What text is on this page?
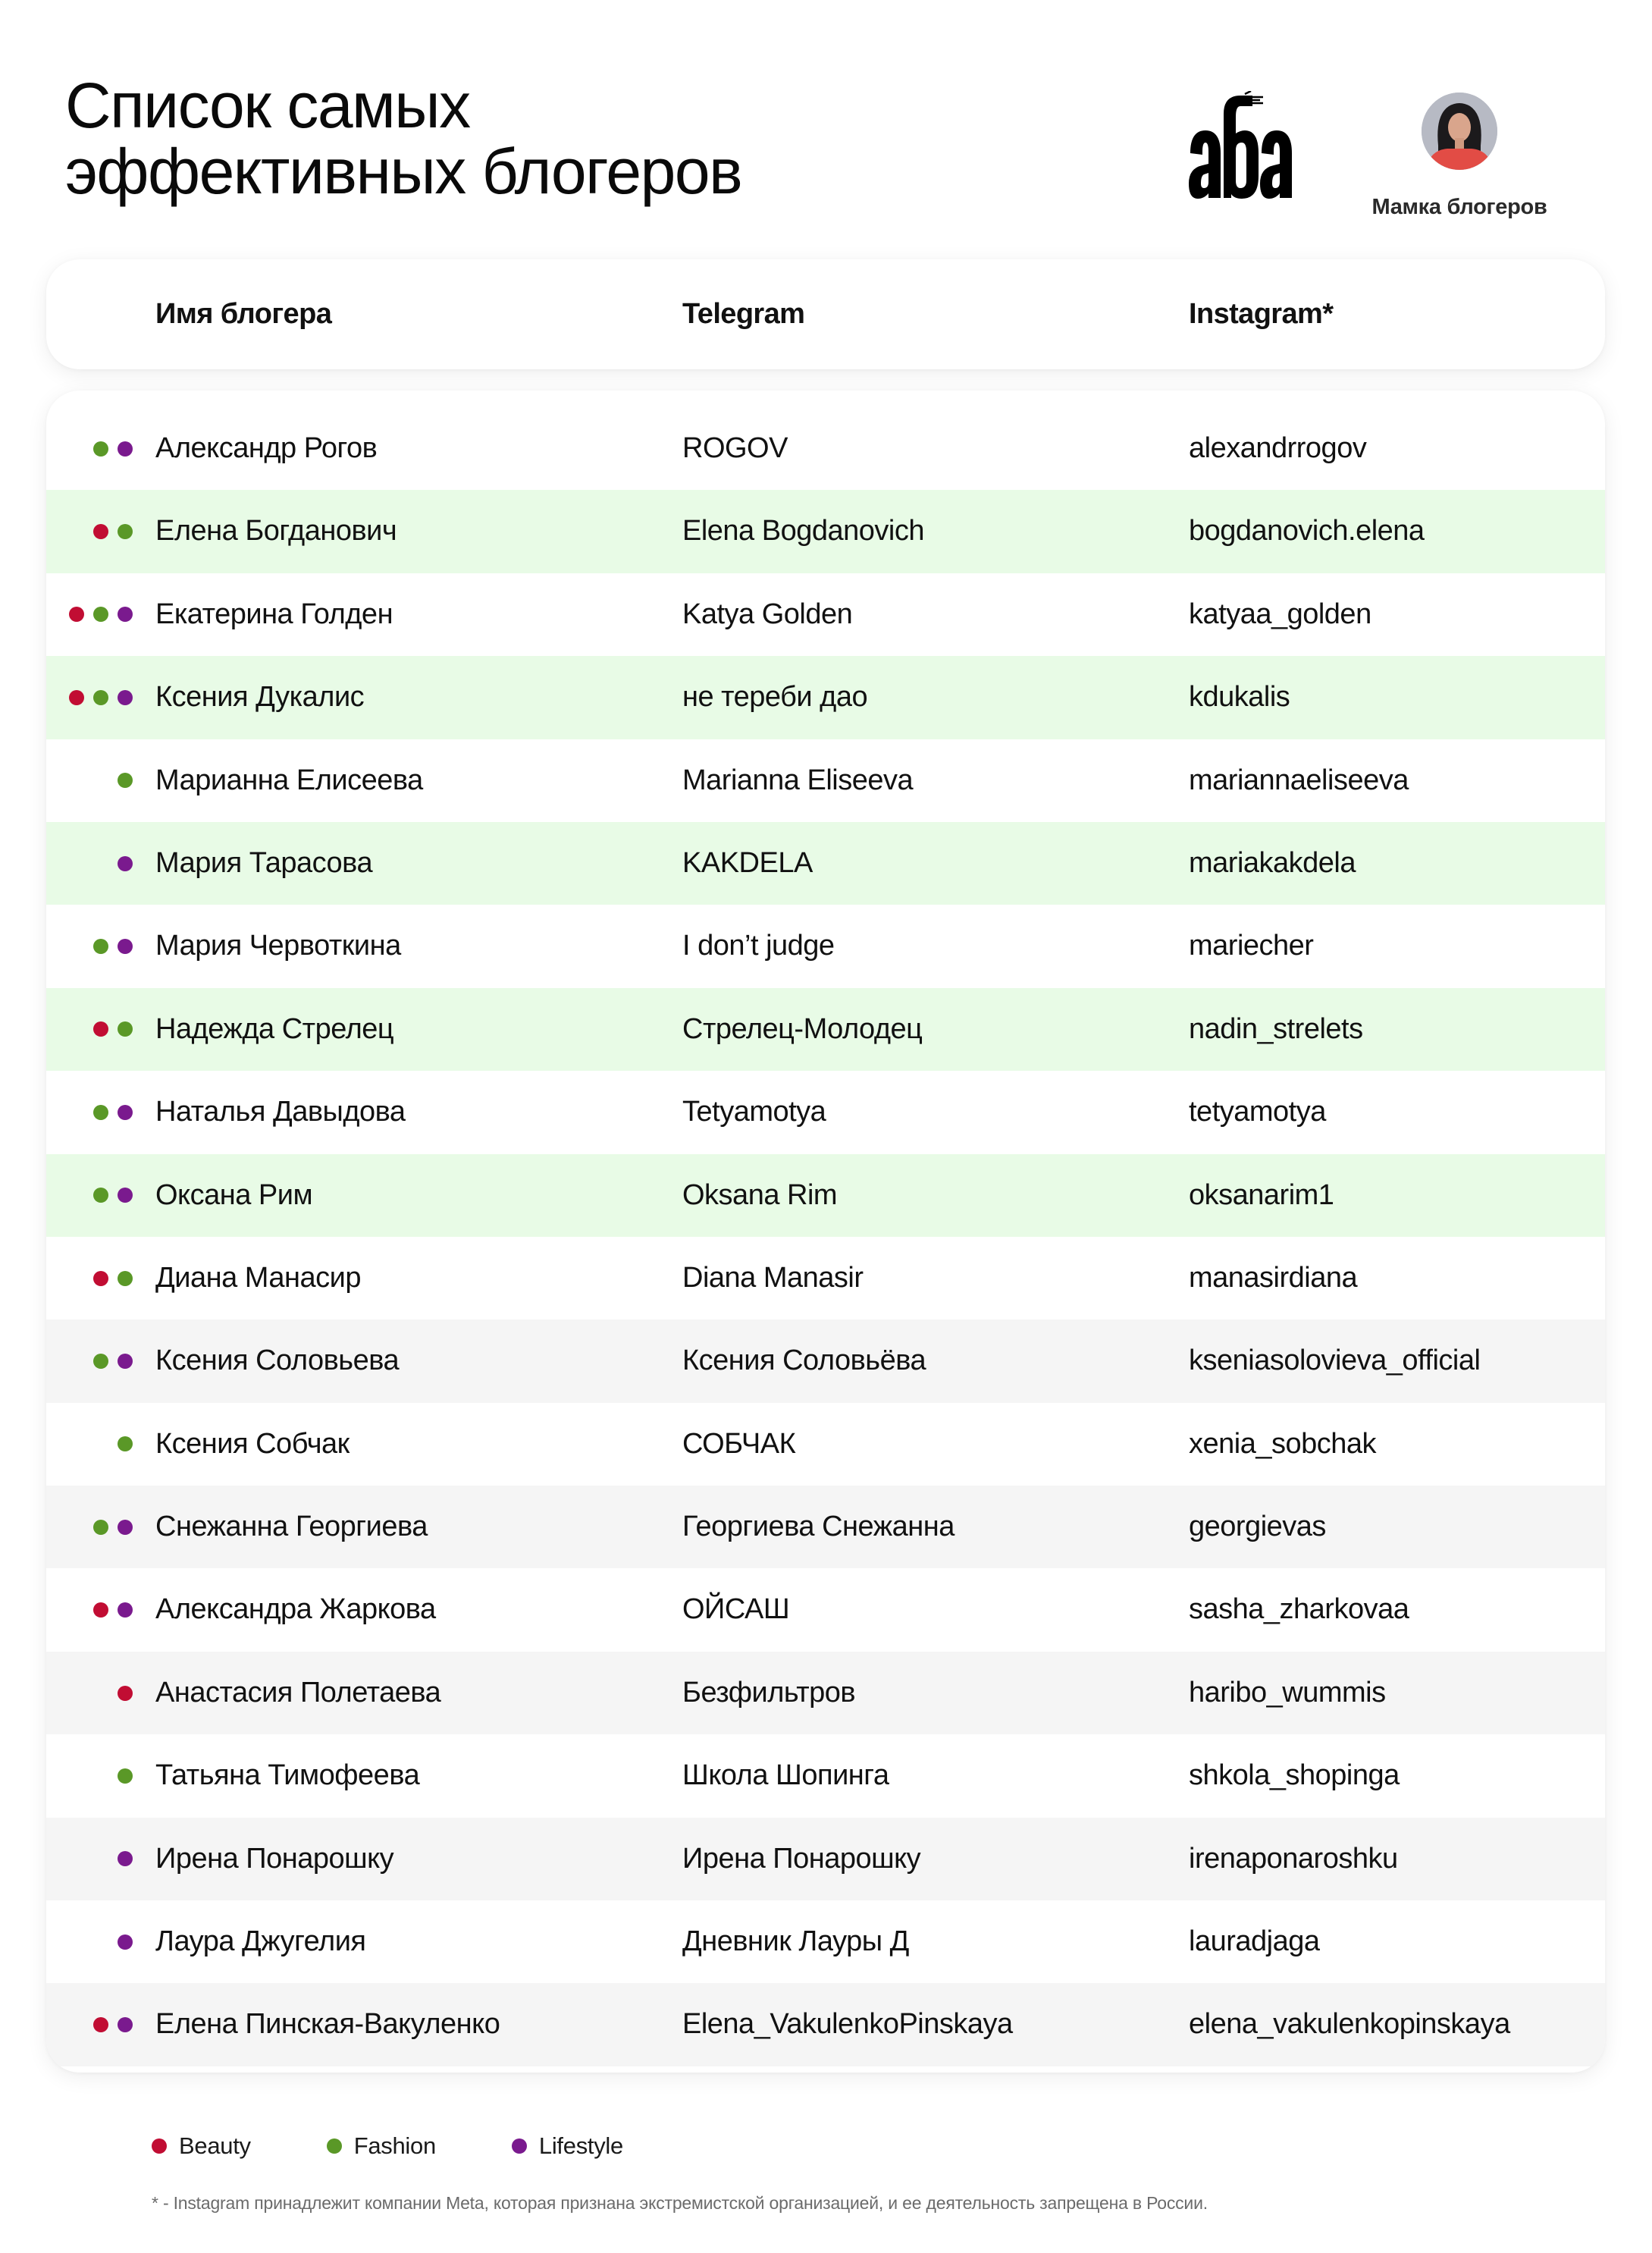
Список самых
эффективных блогеров	Мамка блогеров
Имя блогера	Telegram	Instagram*
Александр Рогов	ROGOV	alexandrrogov
Елена Богданович	Elena Bogdanovich	bogdanovich.elena
Екатерина Голден	Katya Golden	katyaa_golden
Ксения Дукалис	не тереби дао	kdukalis
Марианна Елисеева	Marianna Eliseeva	mariannaeliseeva
Мария Тарасова	KAKDELA	mariakakdela
Мария Червоткина	I don’t judge	mariecher
Надежда Стрелец	Стрелец-Молодец	nadin_strelets
Наталья Давыдова	Tetyamotya	tetyamotya
Оксана Рим	Oksana Rim	oksanarim1
Диана Манасир	Diana Manasir	manasirdiana
Ксения Соловьева	Ксения Соловьёва	kseniasolovieva_official
Ксения Собчак	СОБЧАК	xenia_sobchak
Снежанна Георгиева	Георгиева Снежанна	georgievas
Александра Жаркова	ОЙСАШ	sasha_zharkovaa
Анастасия Полетаева	Безфильтров	haribo_wummis
Татьяна Тимофеева	Школа Шопинга	shkola_shopinga
Ирена Понарошку	Ирена Понарошку	irenaponaroshku
Лаура Джугелия	Дневник Лауры Д	lauradjaga
Елена Пинская-Вакуленко	Elena_VakulenkoPinskaya	elena_vakulenkopinskaya
Beauty	Fashion	Lifestyle
* - Instagram принадлежит компании Meta, которая признана экстремистской организацией, и ее деятельность запрещена в России.
